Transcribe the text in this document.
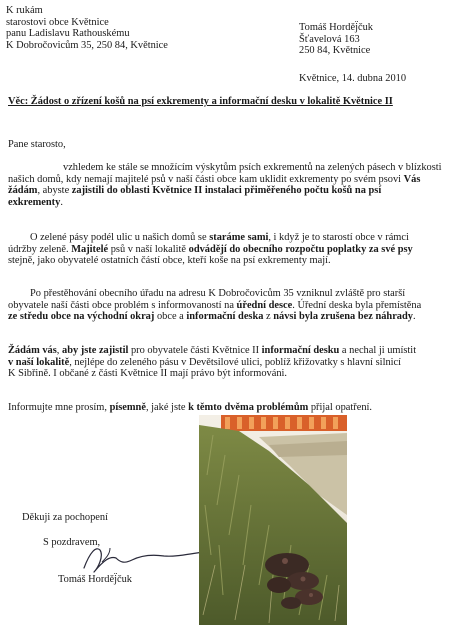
K rukám
starostovi obce Květnice
panu Ladislavu Rathouskému
K Dobročovicům 35, 250 84, Květnice
Tomáš Horděj̈čuk
Šťavelová 163
250 84, Květnice
Květnice, 14. dubna 2010
Věc: Žádost o zřízení košů na psí exkrementy a informační desku v lokalitě Květnice II
Pane starosto,
vzhledem ke stále se množícím výskytům psích exkrementů na zelených pásech v blízkosti
našich domů, kdy nemají majitelé psů v naší části obce kam uklidit exkrementy po svém psovi Vás
žádám, abyste zajistili do oblasti Květnice II instalaci přiměřeného počtu košů na psí
exkrementy.
O zelené pásy podél ulic u našich domů se staráme sami, i když je to starostí obce v rámci
údržby zeleně. Majitelé psů v naší lokalitě odvádějí do obecního rozpočtu poplatky za své psy
stejně, jako obyvatelé ostatních částí obce, kteří koše na psí exkrementy mají.
Po přestěhování obecního úřadu na adresu K Dobročovicům 35 vzniknul zvláště pro starší
obyvatele naší části obce problém s informovaností na úřední desce. Úřední deska byla přemístěna
ze středu obce na východní okraj obce a informační deska z návsi byla zrušena bez náhrady.
Žádám vás, aby jste zajistil pro obyvatele části Květnice II informační desku a nechal ji umístit
v naší lokalitě, nejlépe do zeleného pásu v Devětsilové ulici, poblíž křižovatky s hlavní silnicí
K Sibřině. I občané z části Květnice II mají právo být informováni.
Informujte mne prosím, písemně, jaké jste k těmto dvěma problémům přijal opatření.
Děkuji za pochopení
S pozdravem,
Tomáš Horděj̈čuk
